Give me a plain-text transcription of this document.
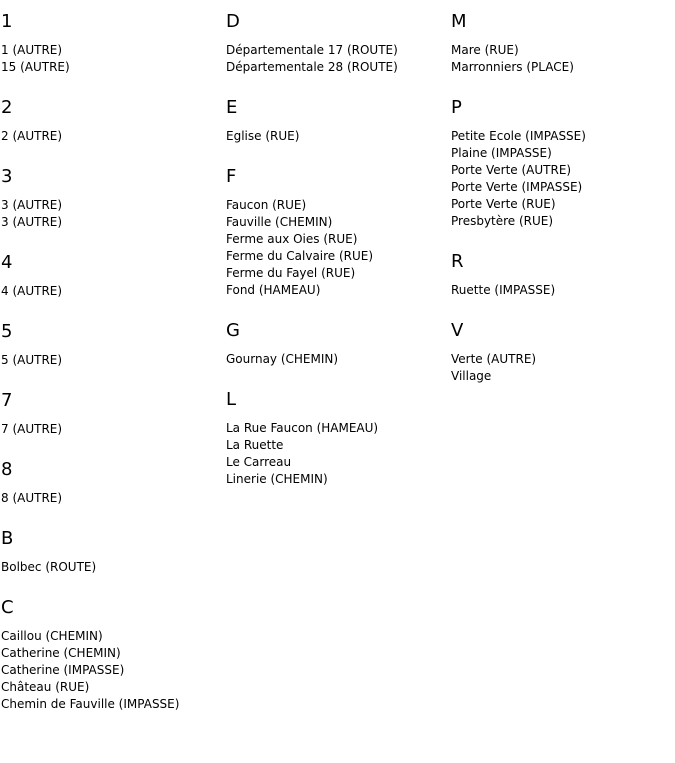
1
1 (AUTRE)
15 (AUTRE)
2
2 (AUTRE)
3
3 (AUTRE)
3 (AUTRE)
4
4 (AUTRE)
5
5 (AUTRE)
7
7 (AUTRE)
8
8 (AUTRE)
B
Bolbec (ROUTE)
C
Caillou (CHEMIN)
Catherine (CHEMIN)
Catherine (IMPASSE)
Château (RUE)
Chemin de Fauville (IMPASSE)
D
Départementale 17 (ROUTE)
Départementale 28 (ROUTE)
E
Eglise (RUE)
F
Faucon (RUE)
Fauville (CHEMIN)
Ferme aux Oies (RUE)
Ferme du Calvaire (RUE)
Ferme du Fayel (RUE)
Fond (HAMEAU)
G
Gournay (CHEMIN)
L
La Rue Faucon (HAMEAU)
La Ruette
Le Carreau
Linerie (CHEMIN)
M
Mare (RUE)
Marronniers (PLACE)
P
Petite Ecole (IMPASSE)
Plaine (IMPASSE)
Porte Verte (AUTRE)
Porte Verte (IMPASSE)
Porte Verte (RUE)
Presbytère (RUE)
R
Ruette (IMPASSE)
V
Verte (AUTRE)
Village
